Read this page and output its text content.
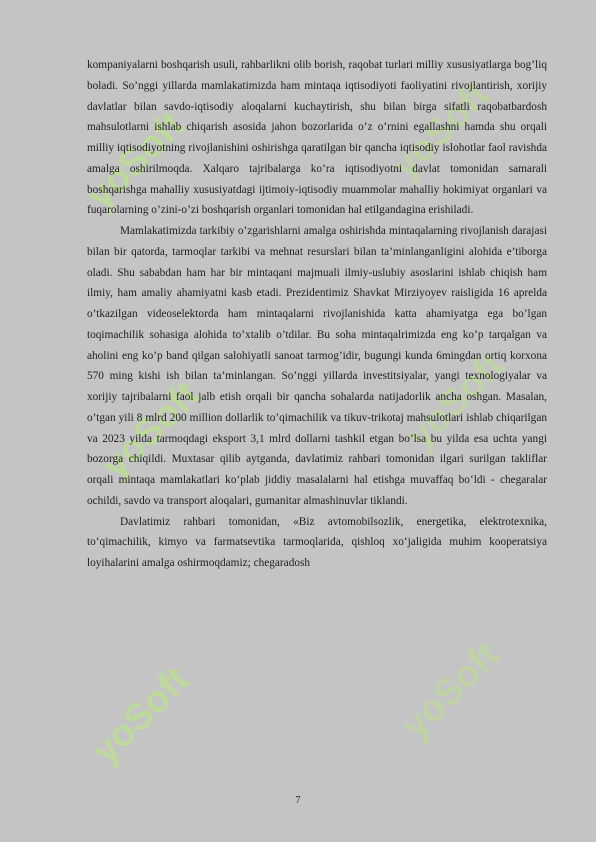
yoSoft	yoSoft
yoSoft	yoSoft
yoSoft	yoSoft

kompaniyalarni boshqarish usuli, rahbarlikni olib borish, raqobat turlari milliy xususiyatlarga bog’liq boladi. So’nggi yillarda mamlakatimizda ham mintaqa iqtisodiyoti faoliyatini rivojlantirish, xorijiy davlatlar bilan savdo-iqtisodiy aloqalarni kuchaytirish, shu bilan birga sifatli raqobatbardosh mahsulotlarni ishlab chiqarish asosida jahon bozorlarida o’z o’rnini egallashni hamda shu orqali milliy iqtisodiyotning rivojlanishini oshirishga qaratilgan bir qancha iqtisodiy islohotlar faol ravishda amalga oshirilmoqda. Xalqaro tajribalarga ko’ra iqtisodiyotni davlat tomonidan samarali boshqarishga mahalliy xususiyatdagi ijtimoiy-iqtisodiy muammolar mahalliy hokimiyat organlari va fuqarolarning o’zini-o’zi boshqarish organlari tomonidan hal etilgandagina erishiladi.

Mamlakatimizda tarkibiy o’zgarishlarni amalga oshirishda mintaqalarning rivojlanish darajasi bilan bir qatorda, tarmoqlar tarkibi va mehnat resurslari bilan ta’minlanganligini alohida e’tiborga oladi. Shu sababdan ham har bir mintaqani majmuali ilmiy-uslubiy asoslarini ishlab chiqish ham ilmiy, ham amaliy ahamiyatni kasb etadi. Prezidentimiz Shavkat Mirziyoyev raisligida 16 aprelda o’tkazilgan videoselektorda ham mintaqalarni rivojlanishida katta ahamiyatga ega bo’lgan toqimachilik sohasiga alohida to’xtalib o’tdilar. Bu soha mintaqalrimizda eng ko’p tarqalgan va aholini eng ko’p band qilgan salohiyatli sanoat tarmog’idir, bugungi kunda 6mingdan ortiq korxona 570 ming kishi ish bilan ta’minlangan. So’nggi yillarda investitsiyalar, yangi texnologiyalar va xorijiy tajribalarni faol jalb etish orqali bir qancha sohalarda natijadorlik ancha oshgan. Masalan, o’tgan yili 8 mlrd 200 million dollarlik to’qimachilik va tikuv-trikotaj mahsulotlari ishlab chiqarilgan va 2023 yilda tarmoqdagi eksport 3,1 mlrd dollarni tashkil etgan bo’lsa bu yilda esa uchta yangi bozorga chiqildi. Muxtasar qilib aytganda, davlatimiz rahbari tomonidan ilgari surilgan takliflar orqali mintaqa mamlakatlari ko‘plab jiddiy masalalarni hal etishga muvaffaq bo‘ldi - chegaralar ochildi, savdo va transport aloqalari, gumanitar almashinuvlar tiklandi.

Davlatimiz rahbari tomonidan, «Biz avtomobilsozlik, energetika, elektrotexnika, to‘qimachilik, kimyo va farmatsevtika tarmoqlarida, qishloq xo‘jaligida muhim kooperatsiya loyihalarini amalga oshirmoqdamiz; chegaradosh

7
